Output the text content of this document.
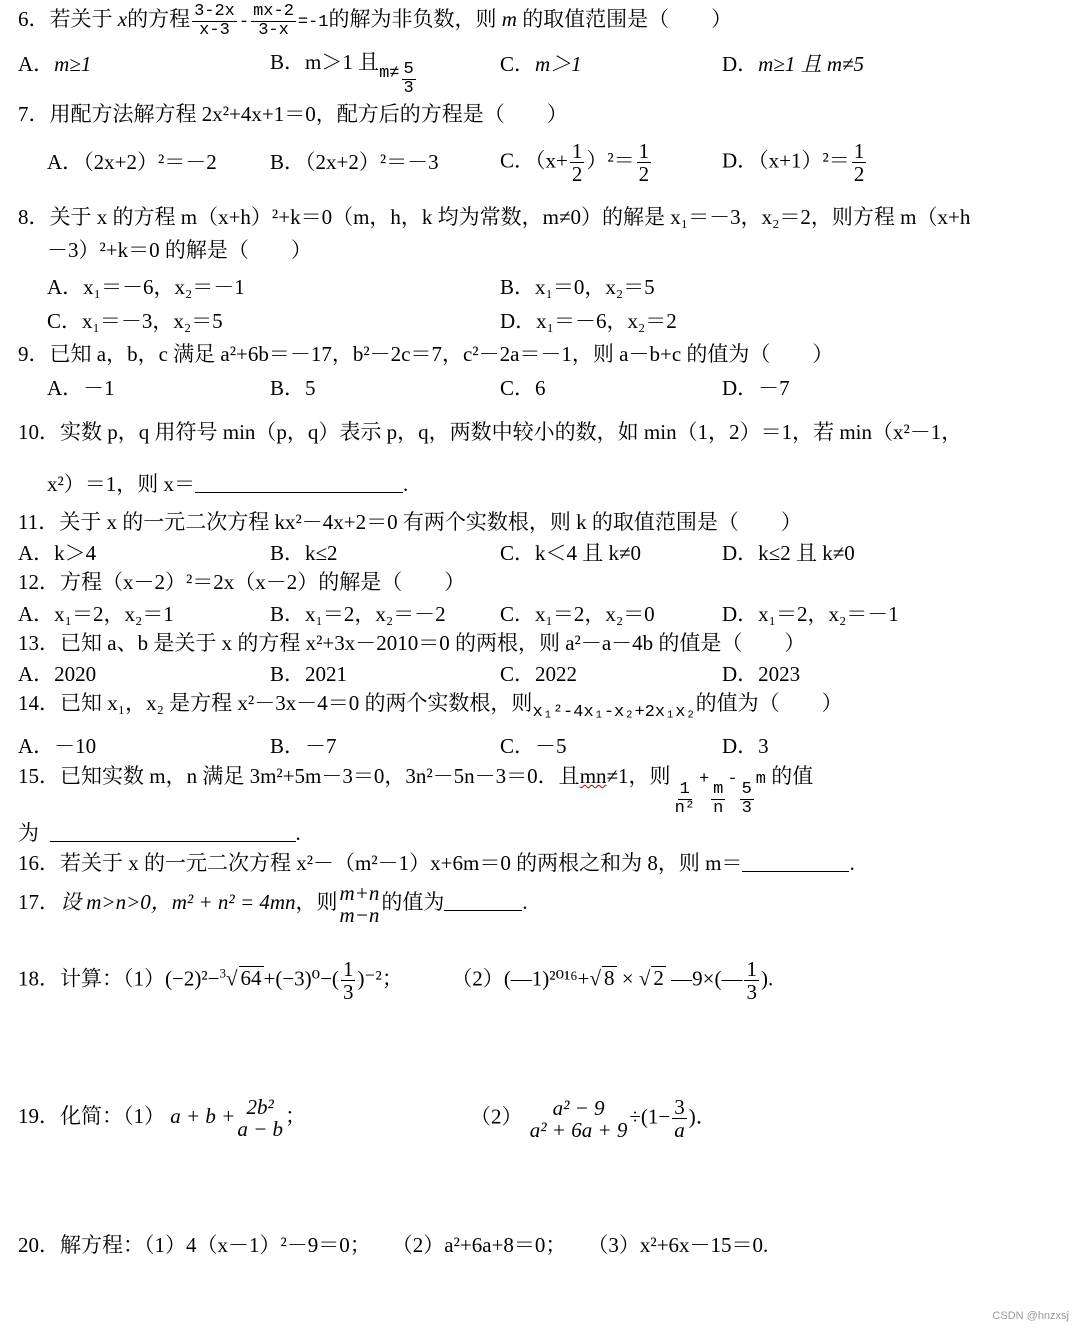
6．若关于 x的方程 $\frac{3-2x}{x-3} - \frac{mx-2}{3-x} =-1$的解为非负数，则 m 的取值范围是（　　）
A．m≥1	B．m＞1 且$_{m\ne} \frac{5}{3}$	C．m＞1	D．m≥1 且 m≠5
7．用配方法解方程 2x²+4x+1＝0，配方后的方程是（　　）
A．（2x+2）²＝－2	B．（2x+2）²＝－3	C．$(x+ \frac{1}{2} )^2= \frac{1}{2}$	D．$(x+1)^2= \frac{1}{2}$
8．关于 x 的方程 m（x+h）²+k＝0（m，h，k 均为常数，m≠0）的解是 x₁＝－3，x₂＝2，则方程 m（x+h
－3）²+k＝0 的解是（　　）
A．x₁＝－6，x₂＝－1	B．x₁＝0，x₂＝5
C．x₁＝－3，x₂＝5	D．x₁＝－6，x₂＝2
9．已知 a，b，c 满足 a²+6b＝－17，b²－2c＝7，c²－2a＝－1，则 a－b+c 的值为（　　）
A．－1	B．5	C．6	D．－7
10．实数 p，q 用符号 min（p，q）表示 p，q，两数中较小的数，如 min（1，2）＝1，若 min（x²－1，
x²）＝1，则 x＝	.
11．关于 x 的一元二次方程 kx²－4x+2＝0 有两个实数根，则 k 的取值范围是（　　）
A．k＞4	B．k≤2	C．k＜4 且 k≠0	D．k≤2 且 k≠0
12．方程（x－2）²＝2x（x－2）的解是（　　）
A．x₁＝2，x₂＝1	B．x₁＝2，x₂＝－2	C．x₁＝2，x₂＝0	D．x₁＝2，x₂＝－1
13．已知 a、b 是关于 x 的方程 x²+3x－2010＝0 的两根，则 a²－a－4b 的值是（　　）
A．2020	B．2021	C．2022	D．2023
14．已知 x₁，x₂ 是方程 x²－3x－4＝0 的两个实数根，则$_{x_1^2-4x_1-x_2+2x_1x_2}$的值为（　　）
A．－10	B．－7	C．－5	D．3
15．已知实数 m，n 满足 3m²+5m－3＝0，3n²－5n－3＝0．且mn≠1，则
$\frac{1}{\text{n²}}$
+
$\frac{m}{n}$
-
$\frac{5}{3}$
m 的值
为	.
16．若关于 x 的一元二次方程 x²－（m²－1）x+6m＝0 的两根之和为 8，则 m＝	.
17．设 m>n>0，m² + n² = 4mn，则 m+n
m−n
的值为	.
18．计算：（1）(−2)²−$^3$√ $64+(-3)^0-( \frac{1}{3} )^{-2}$； （2）(—1)²⁰¹⁶+√ 8 × √ 2 —9×(— $\frac{1}{3}$ ).
19．化简：（1） a + b + 2b²
a − b
；	（2） a² − 9
a² + 6a + 9
$\div(1- \frac{3}{a}$ )．
20．解方程：（1）4（x－1）²－9＝0；　　（2）a²+6a+8＝0；　　（3）x²+6x－15＝0.
CSDN @hnzxsj
